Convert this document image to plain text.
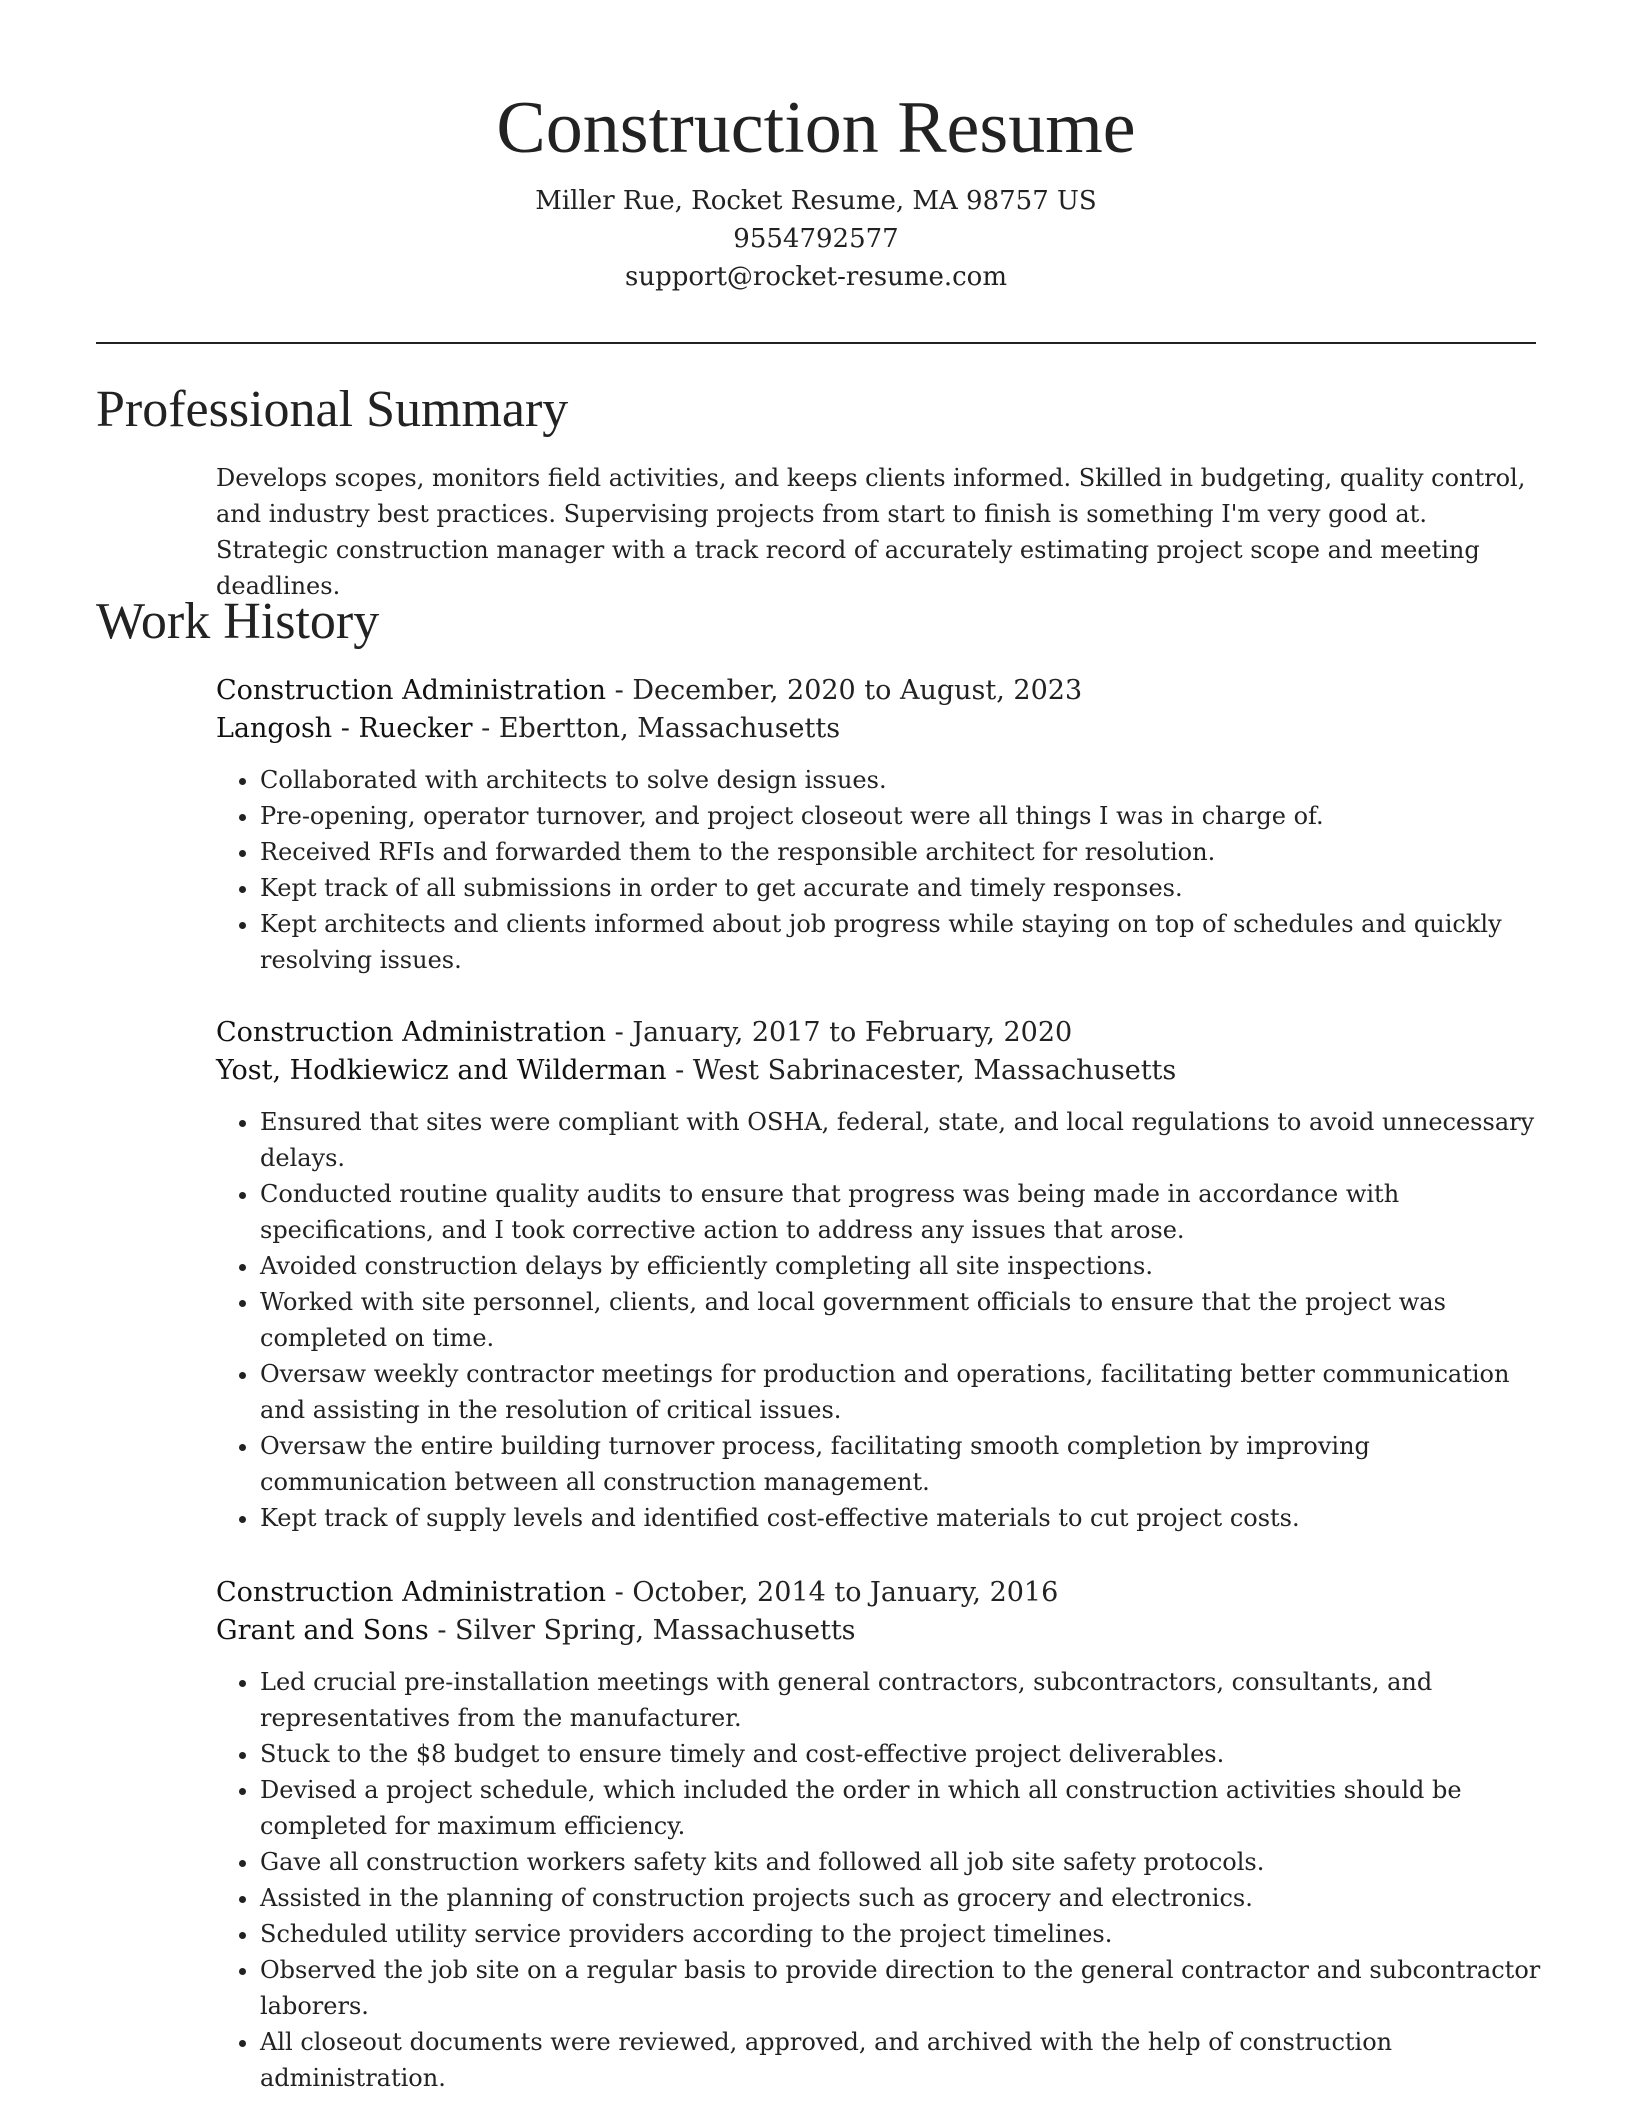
Construction Resume
Miller Rue, Rocket Resume, MA 98757 US
9554792577
support@rocket-resume.com
Professional Summary

Develops scopes, monitors field activities, and keeps clients informed. Skilled in budgeting, quality control, and industry best practices. Supervising projects from start to finish is something I'm very good at. Strategic construction manager with a track record of accurately estimating project scope and meeting deadlines.

Work History

Construction Administration - December, 2020 to August, 2023

Langosh - Ruecker - Ebertton, Massachusetts

• Collaborated with architects to solve design issues.
• Pre-opening, operator turnover, and project closeout were all things I was in charge of.
• Received RFIs and forwarded them to the responsible architect for resolution.
• Kept track of all submissions in order to get accurate and timely responses.
• Kept architects and clients informed about job progress while staying on top of schedules and quickly resolving issues.

Construction Administration - January, 2017 to February, 2020

Yost, Hodkiewicz and Wilderman - West Sabrinacester, Massachusetts

• Ensured that sites were compliant with OSHA, federal, state, and local regulations to avoid unnecessary delays.
• Conducted routine quality audits to ensure that progress was being made in accordance with specifications, and I took corrective action to address any issues that arose.
• Avoided construction delays by efficiently completing all site inspections.
• Worked with site personnel, clients, and local government officials to ensure that the project was completed on time.
• Oversaw weekly contractor meetings for production and operations, facilitating better communication and assisting in the resolution of critical issues.
• Oversaw the entire building turnover process, facilitating smooth completion by improving communication between all construction management.
• Kept track of supply levels and identified cost-effective materials to cut project costs.

Construction Administration - October, 2014 to January, 2016

Grant and Sons - Silver Spring, Massachusetts

• Led crucial pre-installation meetings with general contractors, subcontractors, consultants, and representatives from the manufacturer.
• Stuck to the $8 budget to ensure timely and cost-effective project deliverables.
• Devised a project schedule, which included the order in which all construction activities should be completed for maximum efficiency.
• Gave all construction workers safety kits and followed all job site safety protocols.
• Assisted in the planning of construction projects such as grocery and electronics.
• Scheduled utility service providers according to the project timelines.
• Observed the job site on a regular basis to provide direction to the general contractor and subcontractor laborers.
• All closeout documents were reviewed, approved, and archived with the help of construction administration.
